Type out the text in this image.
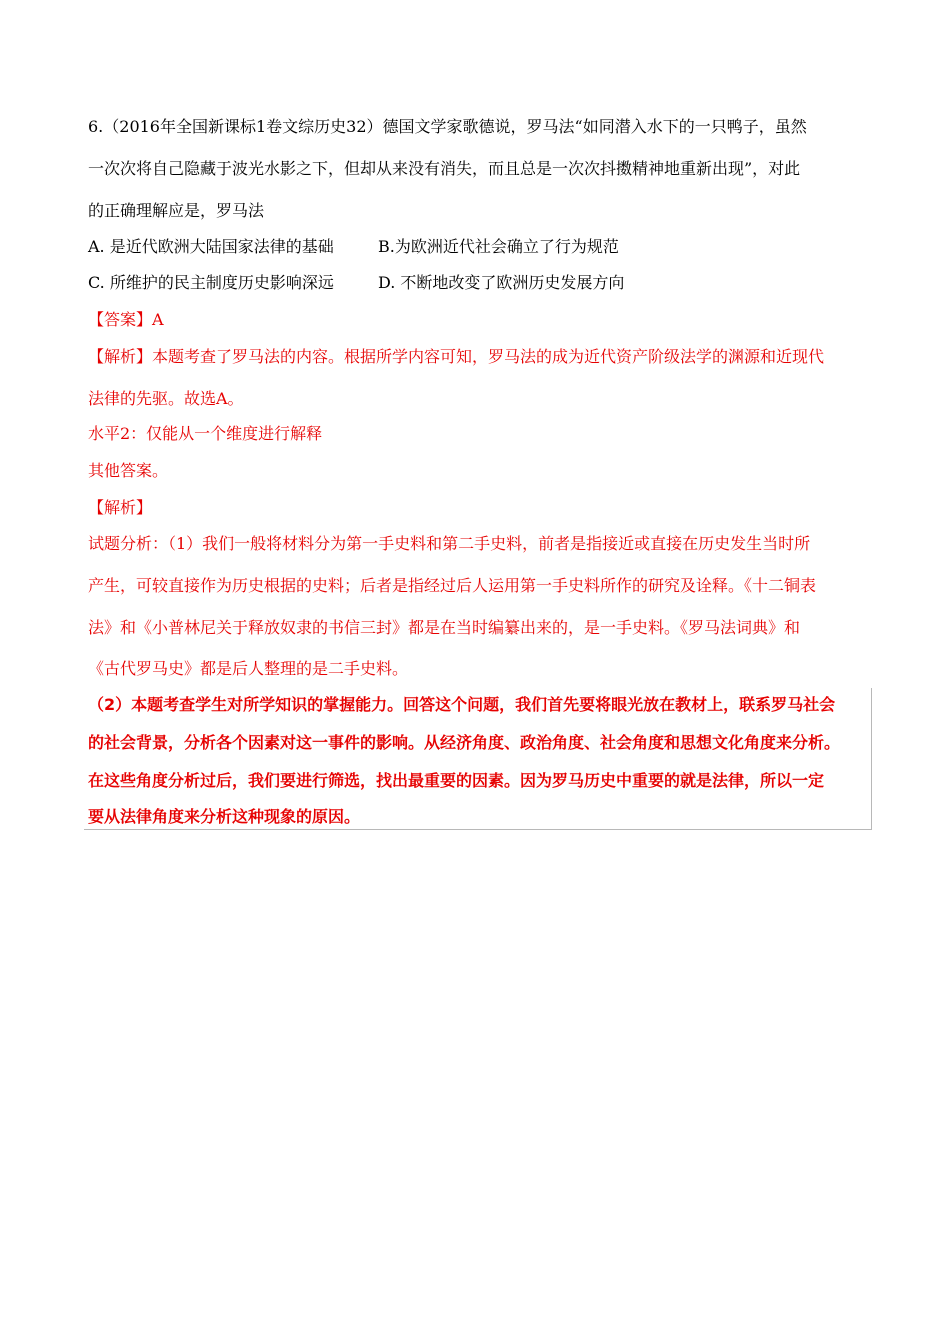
6.（2016年全国新课标1卷文综历史32）德国文学家歌德说，罗马法“如同潜入水下的一只鸭子，虽然
一次次将自己隐藏于波光水影之下，但却从来没有消失，而且总是一次次抖擞精神地重新出现”，对此
的正确理解应是，罗马法
A. 是近代欧洲大陆国家法律的基础	B.为欧洲近代社会确立了行为规范
C. 所维护的民主制度历史影响深远	D. 不断地改变了欧洲历史发展方向
【答案】A
【解析】本题考查了罗马法的内容。根据所学内容可知，罗马法的成为近代资产阶级法学的渊源和近现代
法律的先驱。故选A。
水平2：仅能从一个维度进行解释
其他答案。
【解析】
试题分析：（1）我们一般将材料分为第一手史料和第二手史料，前者是指接近或直接在历史发生当时所
产生，可较直接作为历史根据的史料；后者是指经过后人运用第一手史料所作的研究及诠释。《十二铜表
法》和《小普林尼关于释放奴隶的书信三封》都是在当时编纂出来的，是一手史料。《罗马法词典》和
《古代罗马史》都是后人整理的是二手史料。
（2）本题考查学生对所学知识的掌握能力。回答这个问题，我们首先要将眼光放在教材上，联系罗马社会
的社会背景，分析各个因素对这一事件的影响。从经济角度、政治角度、社会角度和思想文化角度来分析。
在这些角度分析过后，我们要进行筛选，找出最重要的因素。因为罗马历史中重要的就是法律，所以一定
要从法律角度来分析这种现象的原因。
